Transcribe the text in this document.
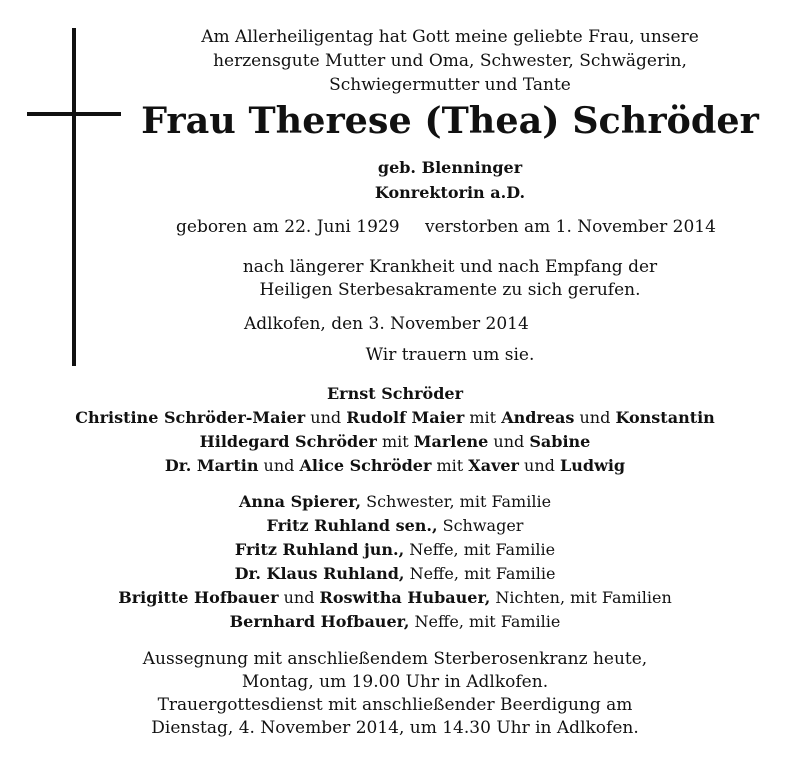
Am Allerheiligentag hat Gott meine geliebte Frau, unsere
herzensgute Mutter und Oma, Schwester, Schwägerin,
Schwiegermutter und Tante
Frau Therese (Thea) Schröder
geb. Blenninger
Konrektorin a.D.
geboren am 22. Juni 1929 verstorben am 1. November 2014
nach längerer Krankheit und nach Empfang der
Heiligen Sterbesakramente zu sich gerufen.
Adlkofen, den 3. November 2014
Wir trauern um sie.
Ernst Schröder
Christine Schröder-Maier und Rudolf Maier mit Andreas und Konstantin
Hildegard Schröder mit Marlene und Sabine
Dr. Martin und Alice Schröder mit Xaver und Ludwig
Anna Spierer, Schwester, mit Familie
Fritz Ruhland sen., Schwager
Fritz Ruhland jun., Neffe, mit Familie
Dr. Klaus Ruhland, Neffe, mit Familie
Brigitte Hofbauer und Roswitha Hubauer, Nichten, mit Familien
Bernhard Hofbauer, Neffe, mit Familie
Aussegnung mit anschließendem Sterberosenkranz heute,
Montag, um 19.00 Uhr in Adlkofen.
Trauergottesdienst mit anschließender Beerdigung am
Dienstag, 4. November 2014, um 14.30 Uhr in Adlkofen.
